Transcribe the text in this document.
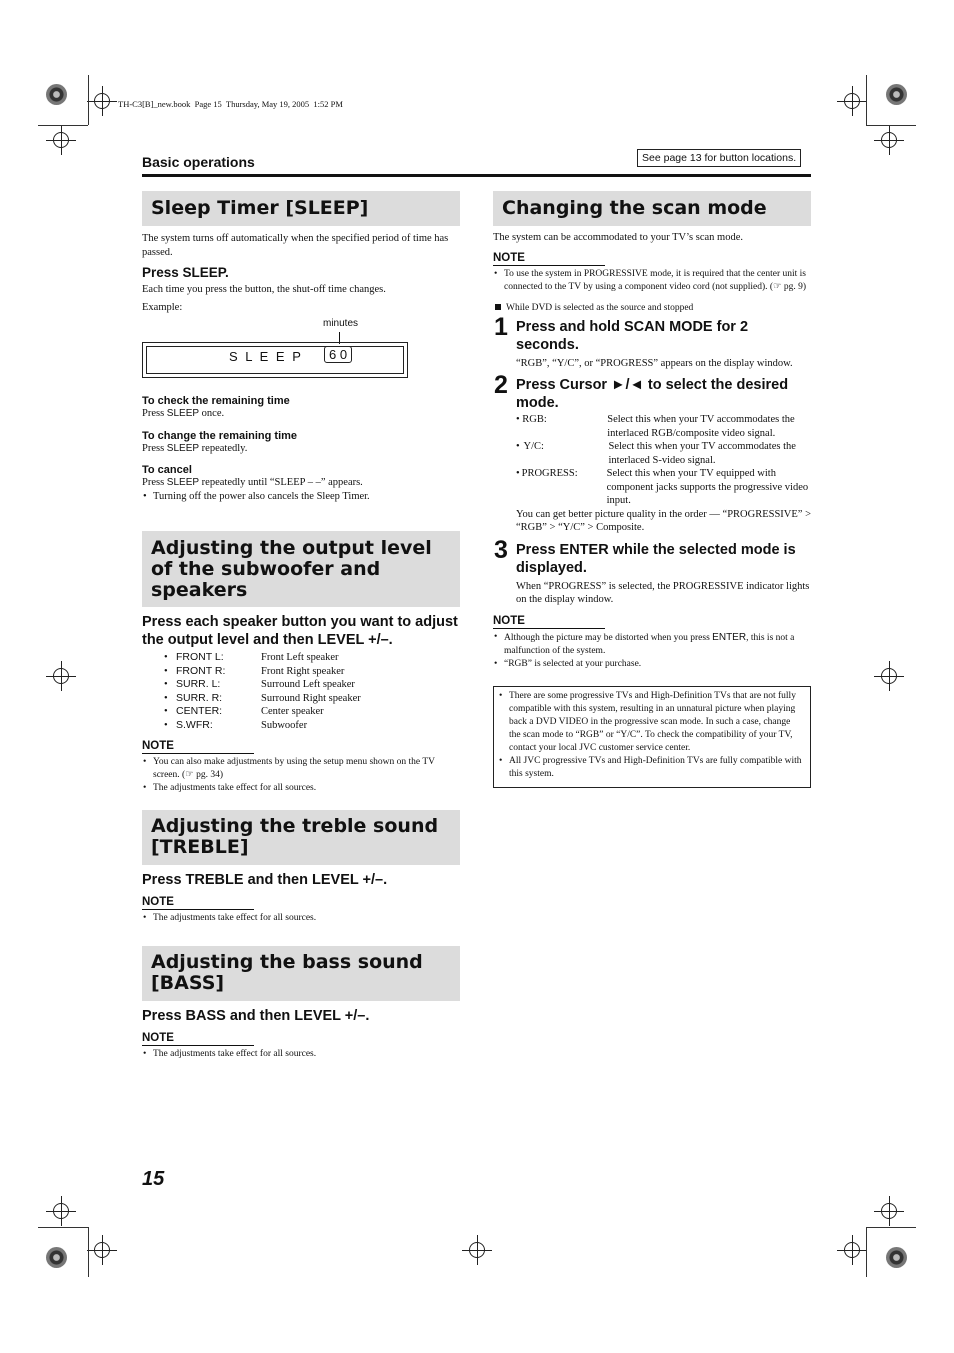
TH-C3[B]_new.book  Page 15  Thursday, May 19, 2005  1:52 PM
Basic operations	See page 13 for button locations.
Sleep Timer [SLEEP]
The system turns off automatically when the specified period of time has passed.
Press SLEEP.
Each time you press the button, the shut-off time changes.
Example:
minutes
S L E E P	6 0
To check the remaining time
Press SLEEP once.
To change the remaining time
Press SLEEP repeatedly.
To cancel
Press SLEEP repeatedly until “SLEEP – –” appears.
• Turning off the power also cancels the Sleep Timer.
Adjusting the output level of the subwoofer and speakers
Press each speaker button you want to adjust the output level and then LEVEL +/–.
• FRONT L:	Front Left speaker
• FRONT R:	Front Right speaker
• SURR. L:	Surround Left speaker
• SURR. R:	Surround Right speaker
• CENTER:	Center speaker
• S.WFR:	Subwoofer
NOTE
• You can also make adjustments by using the setup menu shown on the TV screen. (☞ pg. 34)
• The adjustments take effect for all sources.
Adjusting the treble sound [TREBLE]
Press TREBLE and then LEVEL +/–.
NOTE
• The adjustments take effect for all sources.
Adjusting the bass sound [BASS]
Press BASS and then LEVEL +/–.
NOTE
• The adjustments take effect for all sources.
Changing the scan mode
The system can be accommodated to your TV’s scan mode.
NOTE
• To use the system in PROGRESSIVE mode, it is required that the center unit is connected to the TV by using a component video cord (not supplied). (☞ pg. 9)
While DVD is selected as the source and stopped
1 Press and hold SCAN MODE for 2 seconds.
“RGB”, “Y/C”, or “PROGRESS” appears on the display window.
2 Press Cursor ►/◄ to select the desired mode.
• RGB:	Select this when your TV accommodates the interlaced RGB/composite video signal.
• Y/C:	Select this when your TV accommodates the interlaced S-video signal.
• PROGRESS:	Select this when your TV equipped with component jacks supports the progressive video input.
You can get better picture quality in the order — “PROGRESSIVE” > “RGB” > “Y/C” > Composite.
3 Press ENTER while the selected mode is displayed.
When “PROGRESS” is selected, the PROGRESSIVE indicator lights on the display window.
NOTE
• Although the picture may be distorted when you press ENTER, this is not a malfunction of the system.
• “RGB” is selected at your purchase.
• There are some progressive TVs and High-Definition TVs that are not fully compatible with this system, resulting in an unnatural picture when playing back a DVD VIDEO in the progressive scan mode. In such a case, change the scan mode to “RGB” or “Y/C”. To check the compatibility of your TV, contact your local JVC customer service center.
• All JVC progressive TVs and High-Definition TVs are fully compatible with this system.
15
